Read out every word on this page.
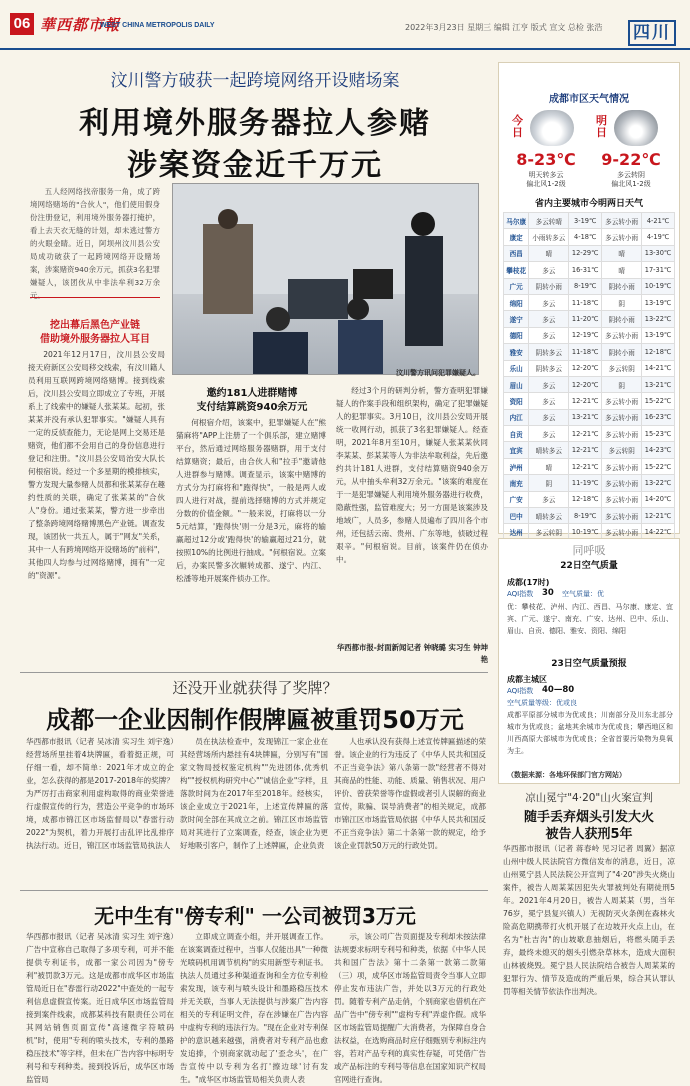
06 華西都市報
WEST CHINA METROPOLIS DAILY	2022年3月23日 星期三 编辑 江亨 版式 宣文 总检 张浩 四川
汶川警方破获一起跨境网络开设赌场案
利用境外服务器拉人参赌
涉案资金近千万元
五人经网络找帝服务一角，成了跨境网络赌场的"合伙人"，他们使用假身份注册登记，利用境外服务器打掩护，看上去天衣无缝的计划，却未逃过警方的火眼金睛。近日，阿坝州汶川县公安局成功破获了一起跨境网络开设赌场案，涉案赌资940余万元，抓获3名犯罪嫌疑人，该团伙从中非法牟利32万余元。
挖出幕后黑色产业链
借助境外服务器拉人耳目
2021年12月17日，汶川县公安局接天府新区公安局移交线索，有汶川籍人员利用互联网跨境网络赌博。接到线索后，汶川县公安局立即成立了专班，开展系上了线索中的嫌疑人张某某。起初，张某某并没有承认犯罪事实。"嫌疑人具有一定的反侦查能力，无论是网上交易还是赌资，他们都不会用自己的身份信息进行登记和注册。"汶川县公安局治安大队长何根宿说。经过一个多星期的模排核实，警方发现大量参赌人员都和张某某存在趣约性质的关联，确定了张某某的"合伙人"身份。通过张某某，警方进一步牵出了整条跨境网络赌博黑色产业链。调查发现，该团伙一共五人，属于"网友"关系，其中一人有跨境网络开设赌场的"前科"，其他四人均参与过网络赌博，拥有"一定的"资源"。
汶川警方讯问犯罪嫌疑人。
邀约181人进群赌博
支付结算跳资940余万元
何根宿介绍，该案中，犯罪嫌疑人在"熊猫麻将"APP上注册了一个俱乐部，建立赌博平台，然后通过网络服务器赌群，用于支付结算赌资；最后，由合伙人和"拉手"邀请他人进群参与赌博。调查显示，该案中赌博的方式分为打麻将和"跑得快"，一般是两人或四人进行对战，提前选择赌博的方式并规定分数的价值金额。"一般来说，打麻将以一分5元结算，'跑得快'则一分是3元，麻将的输赢超过12分或'跑得快'的输赢超过21分，就按照10%的比例进行抽成。"何根宿说。立案后，办案民警多次辗转成都、遂宁、内江、松潘等地开展案件侦办工作。
经过3个月的研判分析，警方查明犯罪嫌疑人的作案手段和组织架构，确定了犯罪嫌疑人的犯罪事实。3月10日，汶川县公安局开展统一收网行动，抓获了3名犯罪嫌疑人。经查明，2021年8月至10月，嫌疑人张某某伙同李某某、彭某某等人为非法牟取利益，先后邀约共计181人进群，支付结算赌资940余万元，从中抽头牟利32万余元。"该案的难度在于一是犯罪嫌疑人利用境外服务器进行收费，隐蔽性强，监管难度大；另一方面是该案涉及地域广，人员多，参赌人员遍布了四川各个市州，还包括云南、贵州、广东等地，侦破过程艰辛。"何根宿说。目前，该案件仍在侦办中。
华西都市报-封面新闻记者 钟晓璐 实习生 钟坤艳
还没开业就获得了奖牌？
成都一企业因制作假牌匾被重罚50万元
华西都市报讯（记者 吴冰清 实习生 刘宇逸）经营场所里挂着4块牌匾，看着挺正规，可仔细一看，却不简单：2021年才成立的企业，怎么获得的都是2017-2018年的奖牌？为严厉打击商家利用虚构取得的商业荣誉进行虚假宣传的行为，营造公平竞争的市场环境，成都市锦江区市场监督局以"春雷行动2022"为契机，着力开展打击乱评比乱排序执法行动。近日，锦江区市场监管局执法人
员在执法检查中，发现锦江一家企业在其经营场所内悬挂有4块牌匾，分别写有"国家文物局授权鉴定机构""先进团体,优秀机构""授权机构研究中心""诚信企业"字样，且落款时间为在2017年至2018年。经核实，该企业成立于2021年，上述宣传牌匾的落款时间全部在其成立之前。锦江区市场监管局对其进行了立案调查，经查，该企业为更好地吸引客户，制作了上述牌匾，企业负责
人也承认没有获得上述宣传牌匾描述的荣誉。该企业的行为违反了《中华人民共和国反不正当竞争法》第八条第一款"经营者不得对其商品的性能、功能、质量、销售状况、用户评价、曾获荣誉等作虚假或者引人误解的商业宣传，欺骗、误导消费者"的相关规定，成都市锦江区市场监管局依据《中华人民共和国反不正当竞争法》第二十条第一款的规定，给予该企业罚款50万元的行政处罚。
无中生有"傍专利" 一公司被罚3万元
华西都市报讯（记者 吴冰清 实习生 刘宇逸）广告中宣称自己取得了多项专利，可并不能提供专利证书，成都一家公司因为"傍专利"被罚款3万元。这是成都市成华区市场监管局近日在"春雷行动2022"中查处的一起专利信息虚假宣传案。近日成华区市场监管局接到案件线索，成都某科技有限责任公司在其网站销售页面宣传"高速微字符喷码机"时，使用"专利的喷头技术，专利的墨路稳压技术"等字样，但未在广告内容中标明专利号和专利种类。接到投诉后，成华区市场监管局
立即成立调查小组，并开展调查工作。在该案调查过程中，当事人仅能出具"一种微光喷码机用调节机构"的实用新型专利证书。执法人员通过多种渠道查询和全方位专利检索发现，该专利与喷头设计和墨路稳压技术并无关联，当事人无法提供与涉案广告内容相关的专利证明文件，存在涉嫌在广告内容中虚构专利的违法行为。"现在企业对专利保护的意识越来越强，消费者对专利产品也愈发追捧，个别商家就动起了'歪念头'，在广告宣传中以专利为名打'擦边球'讨有发生。"成华区市场监管局相关负责人表
示，该公司广告页面提及专利却未按法律法规要求标明专利号和种类，依据《中华人民共和国广告法》第十二条第一款第二款第（三）项，成华区市场监管局责令当事人立即停止发布违法广告，并处以3万元的行政处罚。随着专利产品走俏，个别商家也借机在产品广告中"傍专利""虚构专利"弄虚作假。成华区市场监管局提醒广大消费者，为保障自身合法权益，在选购商品时应仔细甄别专利标注内容，若对产品专利的真实性存疑，可凭借广告或产品标注的专利号等信息在国家知识产权局官网进行查询。
成都市区天气情况
今日
明日
8-23℃	9-22℃
明天转多云
偏北风1-2级
多云转阴
偏北风1-2级
省内主要城市今明两日天气
马尔康	多云转晴	3-19℃	多云转小雨	4-21℃
康定	小雨转多云	4-18℃	多云转小雨	4-19℃
西昌	晴	12-29℃	晴	13-30℃
攀枝花	多云	16-31℃	晴	17-31℃
广元	阴转小雨	8-19℃	阴转小雨	10-19℃
绵阳	多云	11-18℃	阴	13-19℃
遂宁	多云	11-20℃	阴转小雨	13-22℃
德阳	多云	12-19℃	多云转小雨	13-19℃
雅安	阴转多云	11-18℃	阴转小雨	12-18℃
乐山	阴转多云	12-20℃	多云转阴	14-21℃
眉山	多云	12-20℃	阴	13-21℃
资阳	多云	12-21℃	多云转小雨	15-22℃
内江	多云	13-21℃	多云转小雨	16-23℃
自贡	多云	12-21℃	多云转小雨	15-23℃
宜宾	晴转多云	12-21℃	多云转阴	14-23℃
泸州	晴	12-21℃	多云转小雨	15-22℃
南充	阴	11-19℃	多云转小雨	13-22℃
广安	多云	12-18℃	多云转小雨	14-20℃
巴中	晴转多云	8-19℃	多云转小雨	12-21℃
达州	多云转阴	10-19℃	多云转小雨	14-22℃
同呼吸
22日空气质量
成都(17时)
AQI指数 30 空气质量：优
优：攀枝花、泸州、内江、西昌、马尔康、康定、宜宾、广元、遂宁、南充、广安、达州、巴中、乐山、眉山、自贡、德阳、雅安、资阳、绵阳
23日空气质量预报
成都主城区
AQI指数 40—80
空气质量等级：优或良
成都平原部分城市为优或良；川南部分及川东北部分城市为优或良；盆地其余城市为优或良；攀西地区和川西高原大部城市为优或良；全省首要污染物为臭氧为主。
（数据来源：各地环保部门官方网站）
凉山冕宁"4·20"山火案宣判
随手丢弃烟头引发大火
被告人获刑5年
华西都市报讯（记者 蒋春岭 见习记者 周翼）据凉山州中级人民法院官方微信发布的消息，近日，凉山州冕宁县人民法院公开宣判了"4·20"涉失火烧山案件，被告人周某某因犯失火罪被判处有期徒刑5年。2021年4月20日，被告人周某某（男，当年76岁，冕宁县复兴镇人）无视防灭火条例在森林火险高危期携带打火机开展了在边坡开火点上山，在名为"杜吉沟"的山坡歇息抽烟后，将燃头随手丢弃，最终未熄灭的烟头引燃杂草林木，造成大面积山林被烧毁。冕宁县人民法院结合被告人周某某的犯罪行为、情节及造成的严重后果，综合其认罪认罚等相关情节依法作出判决。
